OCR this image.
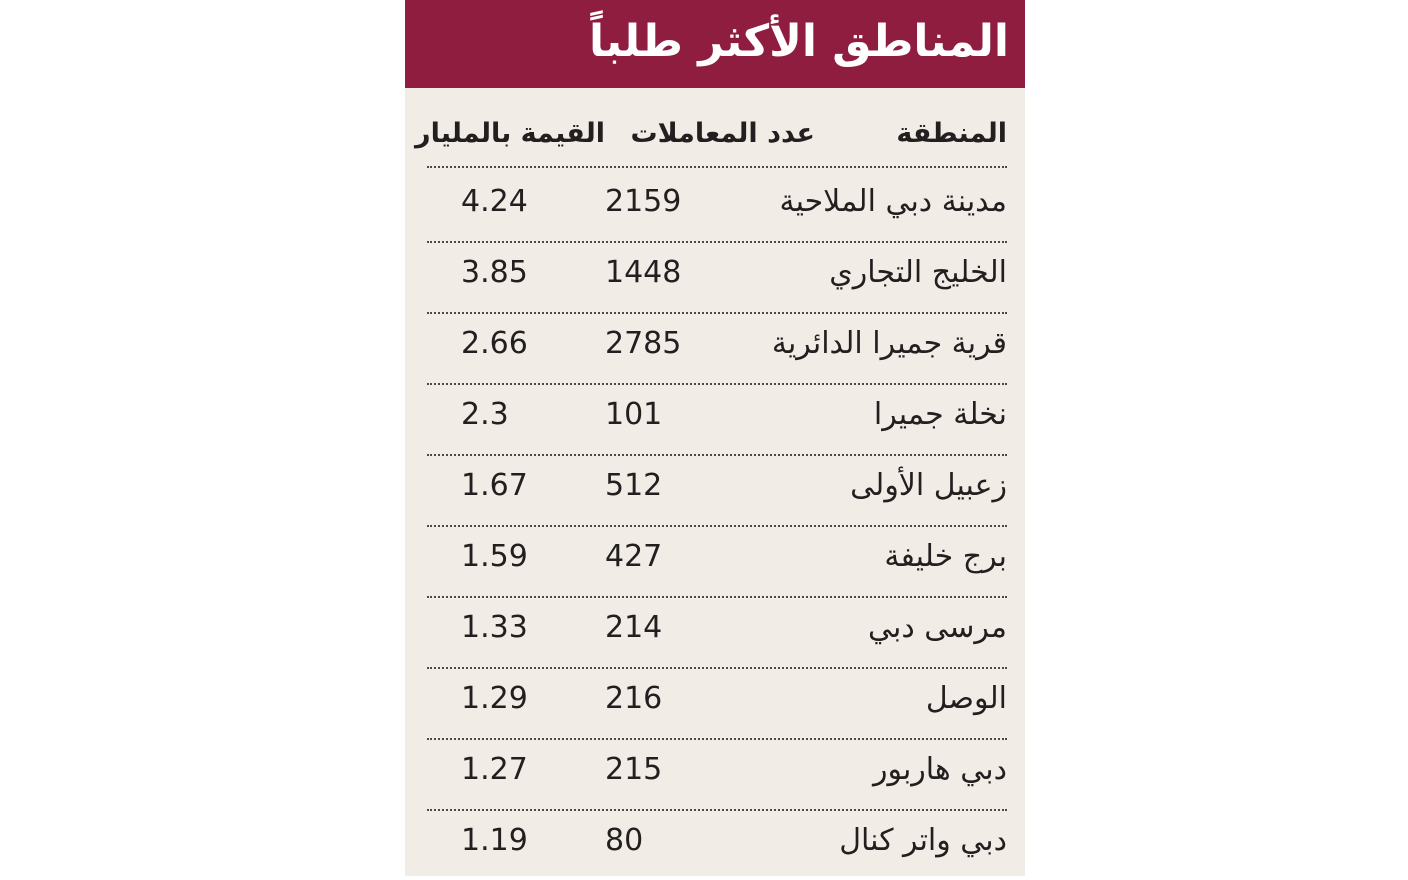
المناطق الأكثر طلباً
المنطقة
عدد المعاملات
القيمة بالمليار
مدينة دبي الملاحية
2159
4.24
الخليج التجاري
1448
3.85
قرية جميرا الدائرية
2785
2.66
نخلة جميرا
101
2.3
زعبيل الأولى
512
1.67
برج خليفة
427
1.59
مرسى دبي
214
1.33
الوصل
216
1.29
دبي هاربور
215
1.27
دبي واتر كنال
80
1.19
